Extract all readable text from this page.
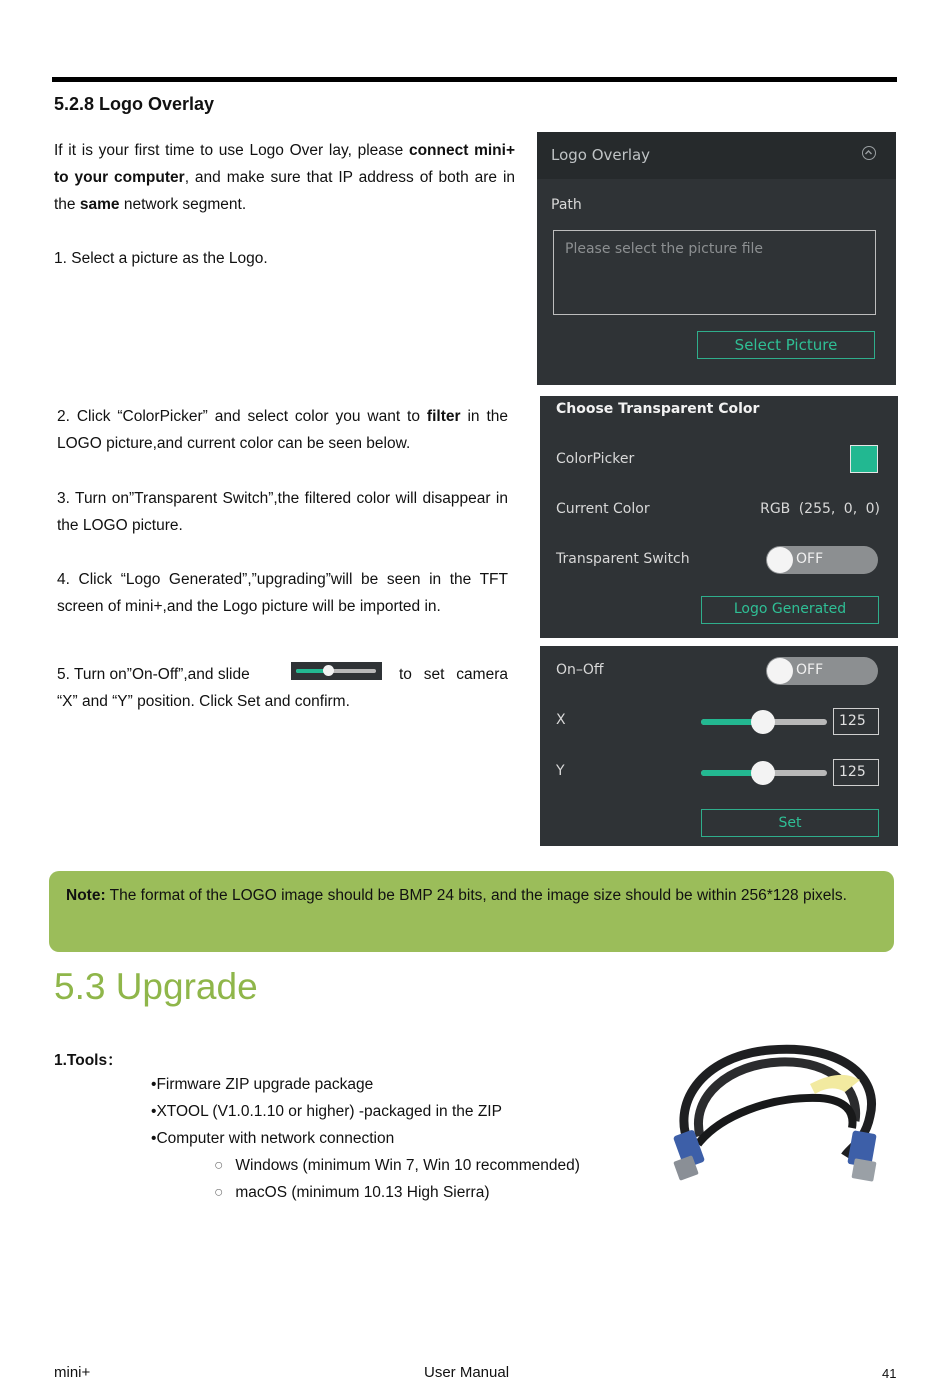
5.2.8 Logo Overlay
If it is your first time to use Logo Over lay, please connect mini+ to your computer, and make sure that IP address of both are in the same network segment.
1. Select a picture as the Logo.
Logo Overlay
Path
Please select the picture file
Select Picture
2. Click “ColorPicker” and select color you want to filter in the LOGO picture,and current color can be seen below.
3. Turn on”Transparent Switch”,the filtered color will disappear in the LOGO picture.
4. Click “Logo Generated”,”upgrading”will be seen in the TFT screen of mini+,and the Logo picture will be imported in.
Choose Transparent Color
ColorPicker
Current Color	RGB (255, 0, 0)
Transparent Switch	OFF
Logo Generated
5. Turn on”On-Off”,and slide	to set camera “X” and “Y” position. Click Set and confirm.
On–Off	OFF
X	125
Y	125
Set
Note: The format of the LOGO image should be BMP 24 bits, and the image size should be within 256*128 pixels.
5.3 Upgrade
1.Tools：
•Firmware ZIP upgrade package
•XTOOL (V1.0.1.10 or higher) -packaged in the ZIP
•Computer with network connection
○ Windows (minimum Win 7, Win 10 recommended)
○ macOS (minimum 10.13 High Sierra)
mini+	User Manual	41
